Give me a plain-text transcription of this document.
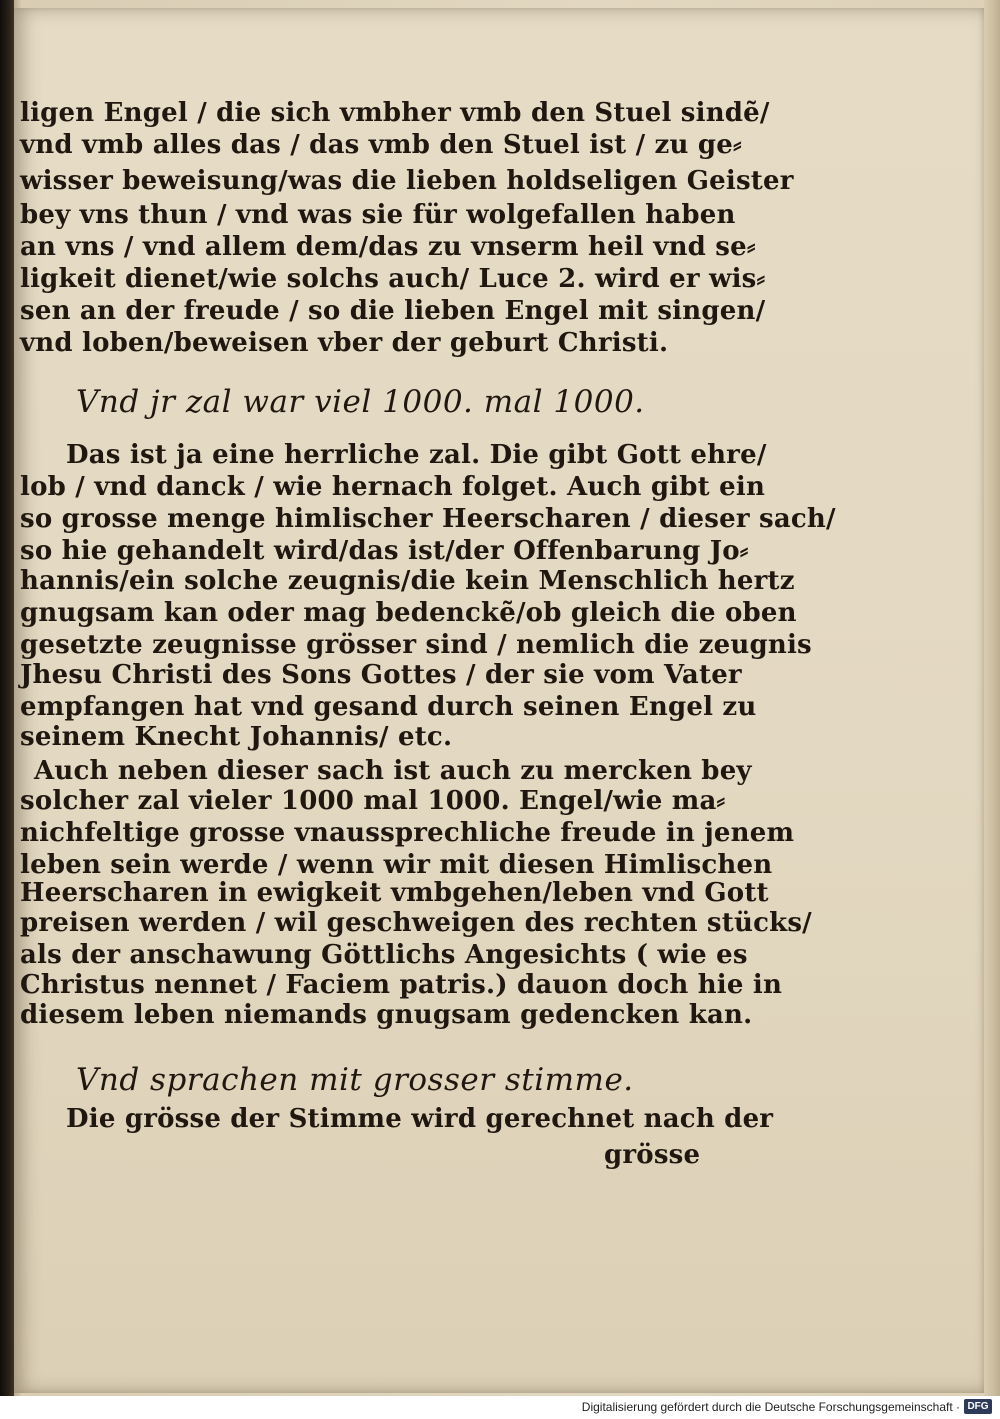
ligen Engel / die sich vmbher vmb den Stuel sindẽ/

vnd vmb alles das / das vmb den Stuel ist / zu ge⸗

wisser beweisung/was die lieben holdseligen Geister

bey vns thun / vnd was sie für wolgefallen haben

an vns / vnd allem dem/das zu vnserm heil vnd se⸗

ligkeit dienet/wie solchs auch/ Luce 2. wird er wis⸗

sen an der freude / so die lieben Engel mit singen/

vnd loben/beweisen vber der geburt Christi.

Vnd jr zal war viel 1000. mal 1000.

Das ist ja eine herrliche zal. Die gibt Gott ehre/

lob / vnd danck / wie hernach folget. Auch gibt ein

so grosse menge himlischer Heerscharen / dieser sach/

so hie gehandelt wird/das ist/der Offenbarung Jo⸗

hannis/ein solche zeugnis/die kein Menschlich hertz

gnugsam kan oder mag bedenckẽ/ob gleich die oben

gesetzte zeugnisse grösser sind / nemlich die zeugnis

Jhesu Christi des Sons Gottes / der sie vom Vater

empfangen hat vnd gesand durch seinen Engel zu

seinem Knecht Johannis/ etc.

Auch neben dieser sach ist auch zu mercken bey

solcher zal vieler 1000 mal 1000. Engel/wie ma⸗

nichfeltige grosse vnaussprechliche freude in jenem

leben sein werde / wenn wir mit diesen Himlischen

Heerscharen in ewigkeit vmbgehen/leben vnd Gott

preisen werden / wil geschweigen des rechten stücks/

als der anschawung Göttlichs Angesichts ( wie es

Christus nennet / Faciem patris.) dauon doch hie in

diesem leben niemands gnugsam gedencken kan.

Vnd sprachen mit grosser stimme.

Die grösse der Stimme wird gerechnet nach der

grösse

Digitalisierung gefördert durch die Deutsche Forschungsgemeinschaft · DFG
